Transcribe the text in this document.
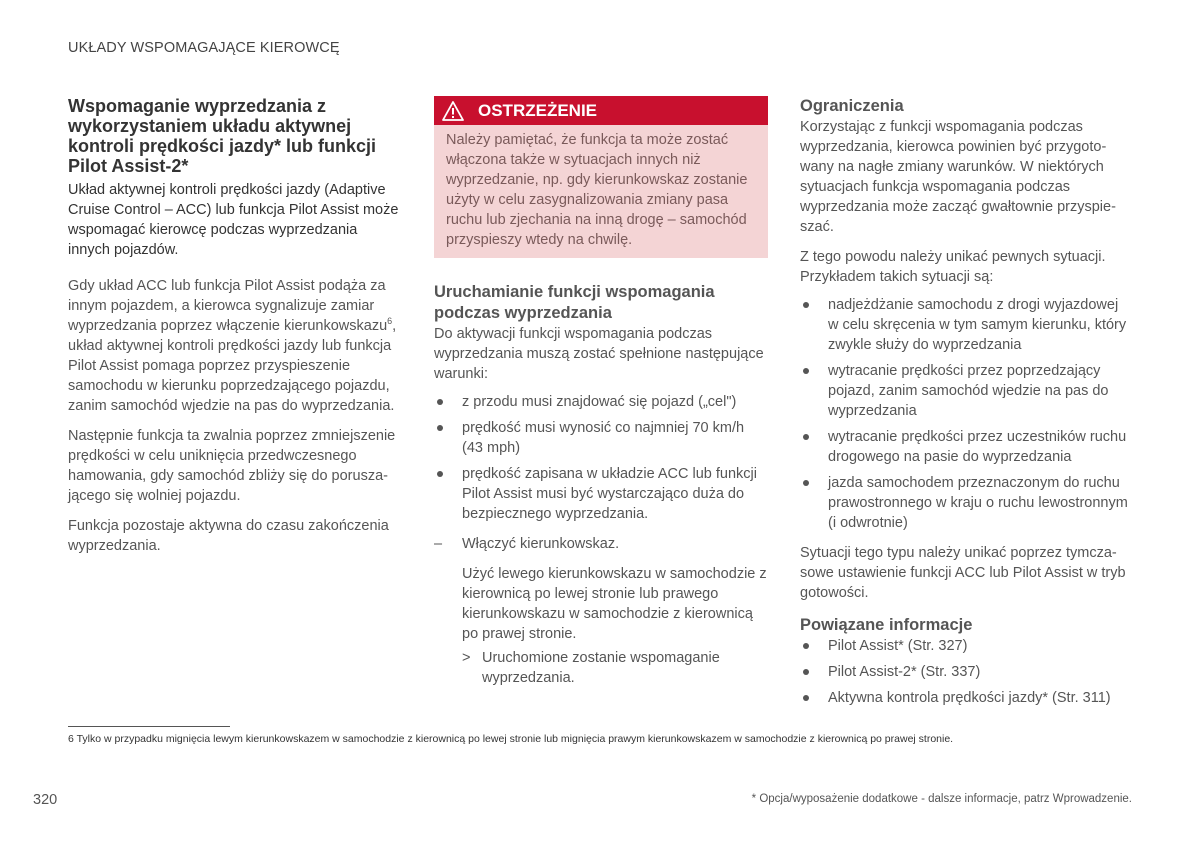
UKŁADY WSPOMAGAJĄCE KIEROWCĘ
Wspomaganie wyprzedzania z wykorzystaniem układu aktywnej kontroli prędkości jazdy* lub funkcji Pilot Assist-2*

Układ aktywnej kontroli prędkości jazdy (Adaptive Cruise Control – ACC) lub funkcja Pilot Assist może wspomagać kierowcę podczas wyprzedzania innych pojazdów.

Gdy układ ACC lub funkcja Pilot Assist podąża za innym pojazdem, a kierowca sygnalizuje zamiar wyprzedzania poprzez włączenie kierunkowskazu$^6$, układ aktywnej kontroli prędkości jazdy lub funkcja Pilot Assist pomaga poprzez przyspieszenie samochodu w kierunku poprzedzającego pojazdu, zanim samochód wjedzie na pas do wyprzedzania.

Następnie funkcja ta zwalnia poprzez zmniejszenie prędkości w celu uniknięcia przedwczesnego hamowania, gdy samochód zbliży się do poruszającego się wolniej pojazdu.

Funkcja pozostaje aktywna do czasu zakończenia wyprzedzania.

OSTRZEŻENIE
Należy pamiętać, że funkcja ta może zostać włączona także w sytuacjach innych niż wyprzedzanie, np. gdy kierunkowskaz zostanie użyty w celu zasygnalizowania zmiany pasa ruchu lub zjechania na inną drogę – samochód przyspieszy wtedy na chwilę.
Uruchamianie funkcji wspomagania podczas wyprzedzania

Do aktywacji funkcji wspomagania podczas wyprzedzania muszą zostać spełnione następujące warunki:

z przodu musi znajdować się pojazd („cel")
prędkość musi wynosić co najmniej 70 km/h (43 mph)
prędkość zapisana w układzie ACC lub funkcji Pilot Assist musi być wystarczająco duża do bezpiecznego wyprzedzania.
– Włączyć kierunkowskaz.
Użyć lewego kierunkowskazu w samochodzie z kierownicą po lewej stronie lub prawego kierunkowskazu w samochodzie z kierownicą po prawej stronie.
> Uruchomione zostanie wspomaganie wyprzedzania.
Ograniczenia

Korzystając z funkcji wspomagania podczas wyprzedzania, kierowca powinien być przygotowany na nagłe zmiany warunków. W niektórych sytuacjach funkcja wspomagania podczas wyprzedzania może zacząć gwałtownie przyspieszać.

Z tego powodu należy unikać pewnych sytuacji. Przykładem takich sytuacji są:

nadjeżdżanie samochodu z drogi wyjazdowej w celu skręcenia w tym samym kierunku, który zwykle służy do wyprzedzania
wytracanie prędkości przez poprzedzający pojazd, zanim samochód wjedzie na pas do wyprzedzania
wytracanie prędkości przez uczestników ruchu drogowego na pasie do wyprzedzania
jazda samochodem przeznaczonym do ruchu prawostronnego w kraju o ruchu lewostronnym (i odwrotnie)

Sytuacji tego typu należy unikać poprzez tymczasowe ustawienie funkcji ACC lub Pilot Assist w tryb gotowości.

Powiązane informacje
Pilot Assist* (Str. 327)
Pilot Assist-2* (Str. 337)
Aktywna kontrola prędkości jazdy* (Str. 311)
6 Tylko w przypadku mignięcia lewym kierunkowskazem w samochodzie z kierownicą po lewej stronie lub mignięcia prawym kierunkowskazem w samochodzie z kierownicą po prawej stronie.
320	* Opcja/wyposażenie dodatkowe - dalsze informacje, patrz Wprowadzenie.
